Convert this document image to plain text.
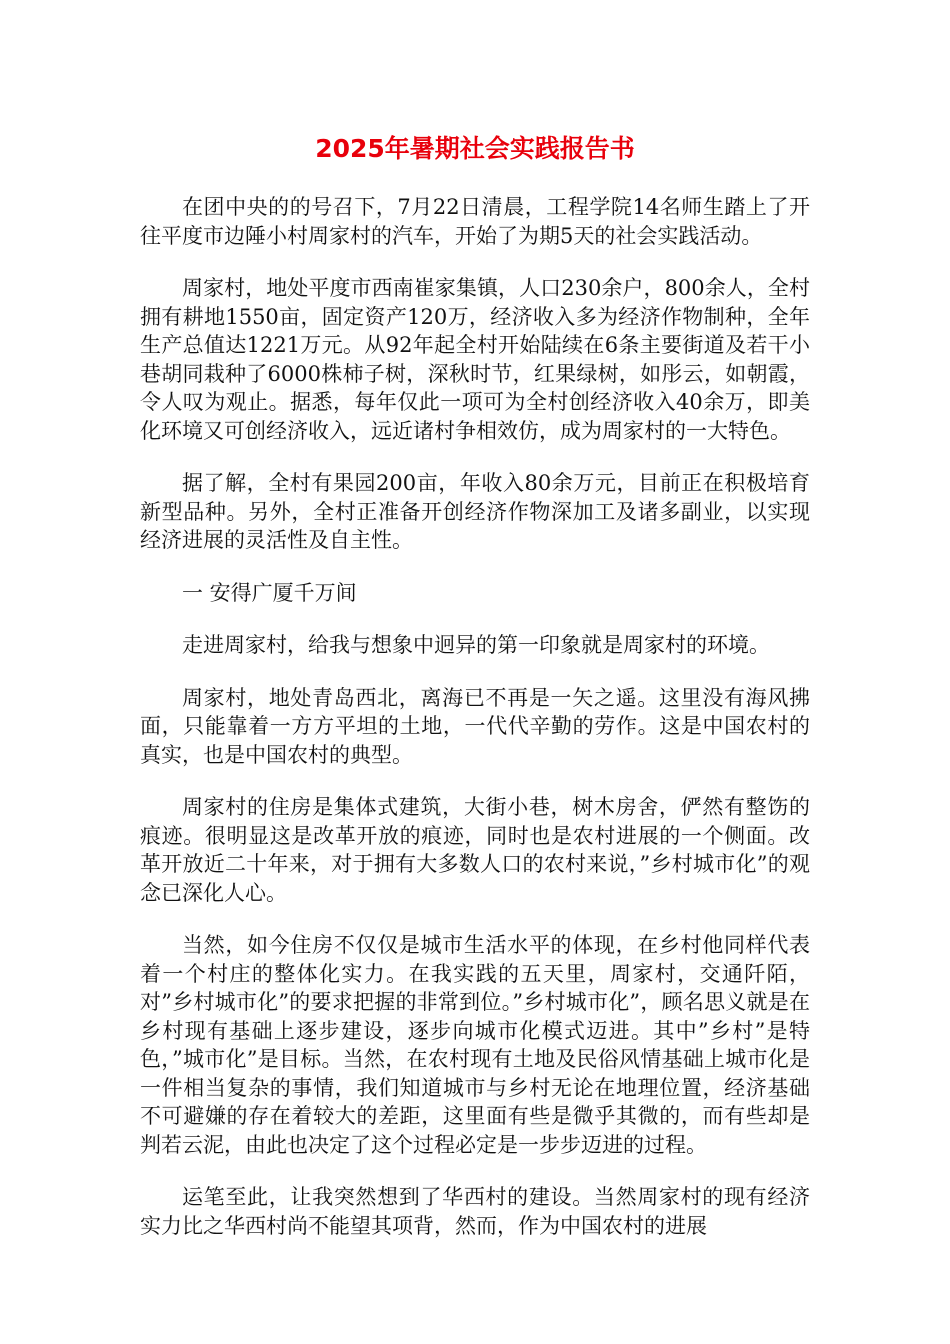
2025年暑期社会实践报告书

在团中央的的号召下，7月22日清晨，工程学院14名师生踏上了开往平度市边陲小村周家村的汽车，开始了为期5天的社会实践活动。

周家村，地处平度市西南崔家集镇，人口230余户，800余人，全村拥有耕地1550亩，固定资产120万，经济收入多为经济作物制种，全年生产总值达1221万元。从92年起全村开始陆续在6条主要街道及若干小巷胡同栽种了6000株柿子树，深秋时节，红果绿树，如彤云，如朝霞，令人叹为观止。据悉，每年仅此一项可为全村创经济收入40余万，即美化环境又可创经济收入，远近诸村争相效仿，成为周家村的一大特色。

据了解，全村有果园200亩，年收入80余万元，目前正在积极培育新型品种。另外，全村正准备开创经济作物深加工及诸多副业，以实现经济进展的灵活性及自主性。

一 安得广厦千万间

走进周家村，给我与想象中迥异的第一印象就是周家村的环境。

周家村，地处青岛西北，离海已不再是一矢之遥。这里没有海风拂面，只能靠着一方方平坦的土地，一代代辛勤的劳作。这是中国农村的真实，也是中国农村的典型。

周家村的住房是集体式建筑，大街小巷，树木房舍，俨然有整饬的痕迹。很明显这是改革开放的痕迹，同时也是农村进展的一个侧面。改革开放近二十年来，对于拥有大多数人口的农村来说，”乡村城市化”的观念已深化人心。

当然，如今住房不仅仅是城市生活水平的体现，在乡村他同样代表着一个村庄的整体化实力。在我实践的五天里，周家村，交通阡陌，对”乡村城市化”的要求把握的非常到位。”乡村城市化”，顾名思义就是在乡村现有基础上逐步建设，逐步向城市化模式迈进。其中”乡村”是特色，”城市化”是目标。当然，在农村现有土地及民俗风情基础上城市化是一件相当复杂的事情，我们知道城市与乡村无论在地理位置，经济基础不可避嫌的存在着较大的差距，这里面有些是微乎其微的，而有些却是判若云泥，由此也决定了这个过程必定是一步步迈进的过程。

运笔至此，让我突然想到了华西村的建设。当然周家村的现有经济实力比之华西村尚不能望其项背，然而，作为中国农村的进展
